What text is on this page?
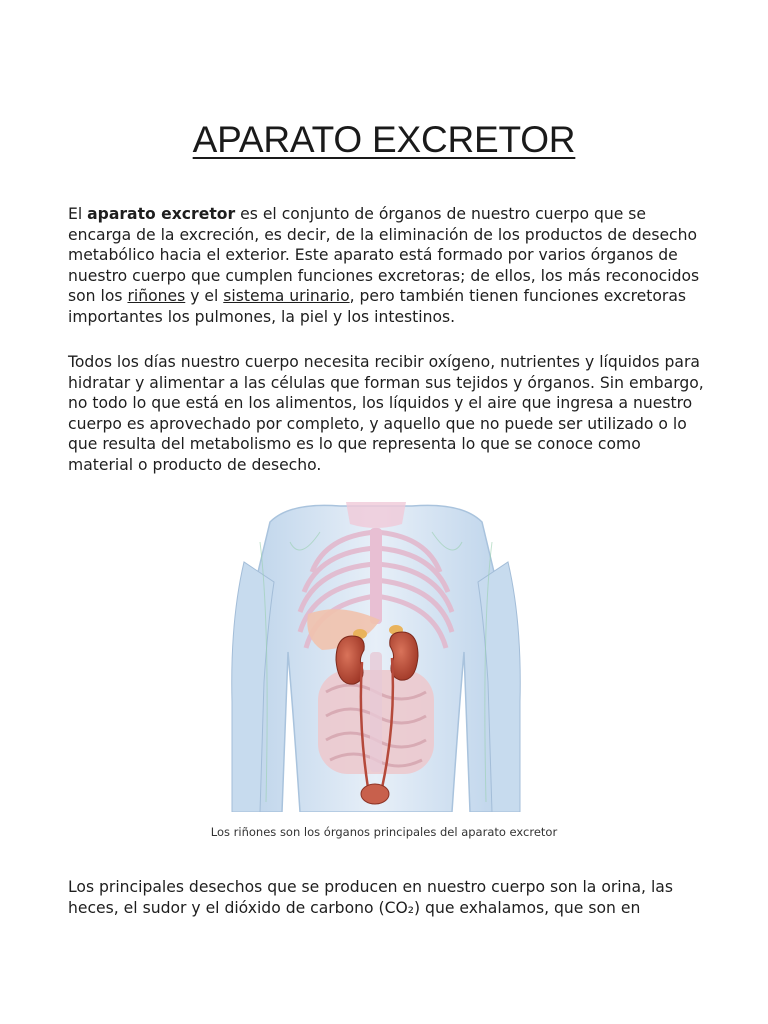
APARATO EXCRETOR

El aparato excretor es el conjunto de órganos de nuestro cuerpo que se encarga de la excreción, es decir, de la eliminación de los productos de desecho metabólico hacia el exterior. Este aparato está formado por varios órganos de nuestro cuerpo que cumplen funciones excretoras; de ellos, los más reconocidos son los riñones y el sistema urinario, pero también tienen funciones excretoras importantes los pulmones, la piel y los intestinos.

Todos los días nuestro cuerpo necesita recibir oxígeno, nutrientes y líquidos para hidratar y alimentar a las células que forman sus tejidos y órganos. Sin embargo, no todo lo que está en los alimentos, los líquidos y el aire que ingresa a nuestro cuerpo es aprovechado por completo, y aquello que no puede ser utilizado o lo que resulta del metabolismo es lo que representa lo que se conoce como material o producto de desecho.

Los riñones son los órganos principales del aparato excretor

Los principales desechos que se producen en nuestro cuerpo son la orina, las heces, el sudor y el dióxido de carbono (CO₂) que exhalamos, que son en
